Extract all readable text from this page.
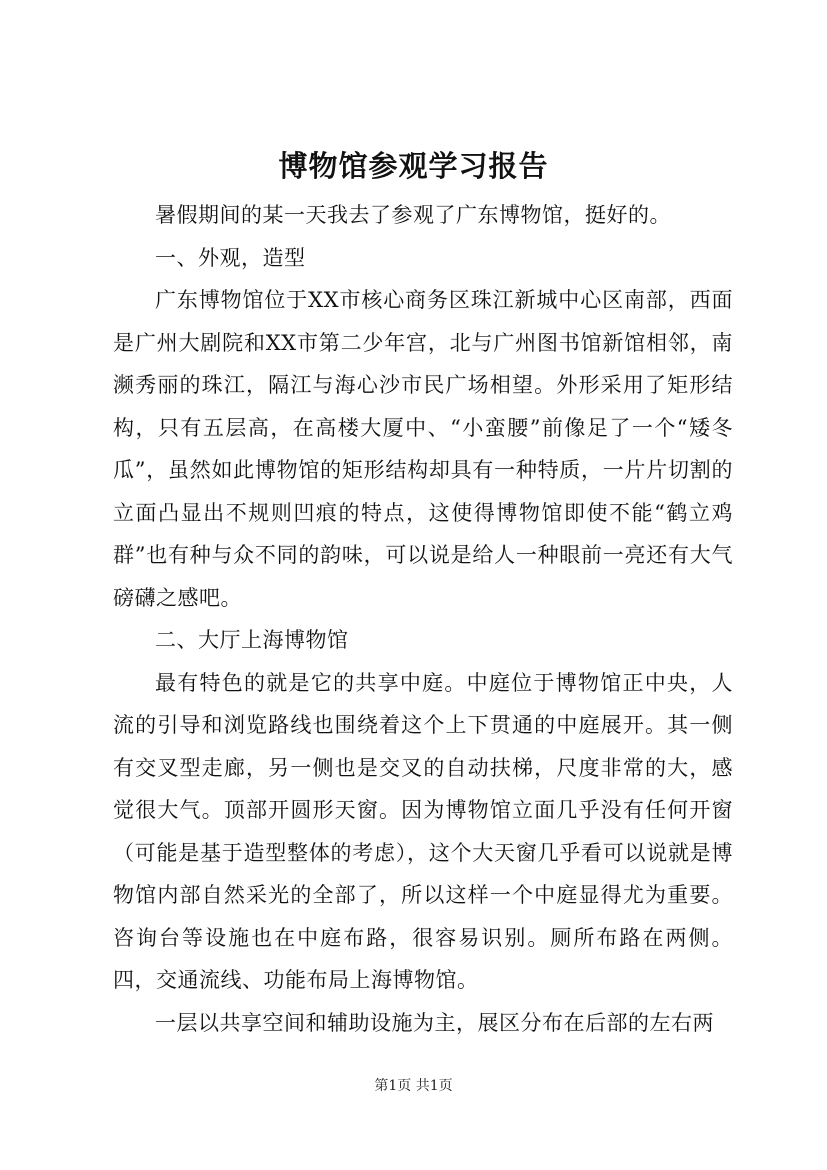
博物馆参观学习报告

暑假期间的某一天我去了参观了广东博物馆，挺好的。

一、外观，造型

广东博物馆位于XX市核心商务区珠江新城中心区南部，西面是广州大剧院和XX市第二少年宫，北与广州图书馆新馆相邻，南濒秀丽的珠江，隔江与海心沙市民广场相望。外形采用了矩形结构，只有五层高，在高楼大厦中、“小蛮腰”前像足了一个“矮冬瓜”，虽然如此博物馆的矩形结构却具有一种特质，一片片切割的立面凸显出不规则凹痕的特点，这使得博物馆即使不能“鹤立鸡群”也有种与众不同的韵味，可以说是给人一种眼前一亮还有大气磅礴之感吧。

二、大厅上海博物馆

最有特色的就是它的共享中庭。中庭位于博物馆正中央，人流的引导和浏览路线也围绕着这个上下贯通的中庭展开。其一侧有交叉型走廊，另一侧也是交叉的自动扶梯，尺度非常的大，感觉很大气。顶部开圆形天窗。因为博物馆立面几乎没有任何开窗（可能是基于造型整体的考虑），这个大天窗几乎看可以说就是博物馆内部自然采光的全部了，所以这样一个中庭显得尤为重要。咨询台等设施也在中庭布路，很容易识别。厕所布路在两侧。四，交通流线、功能布局上海博物馆。

一层以共享空间和辅助设施为主，展区分布在后部的左右两

第1页 共1页
